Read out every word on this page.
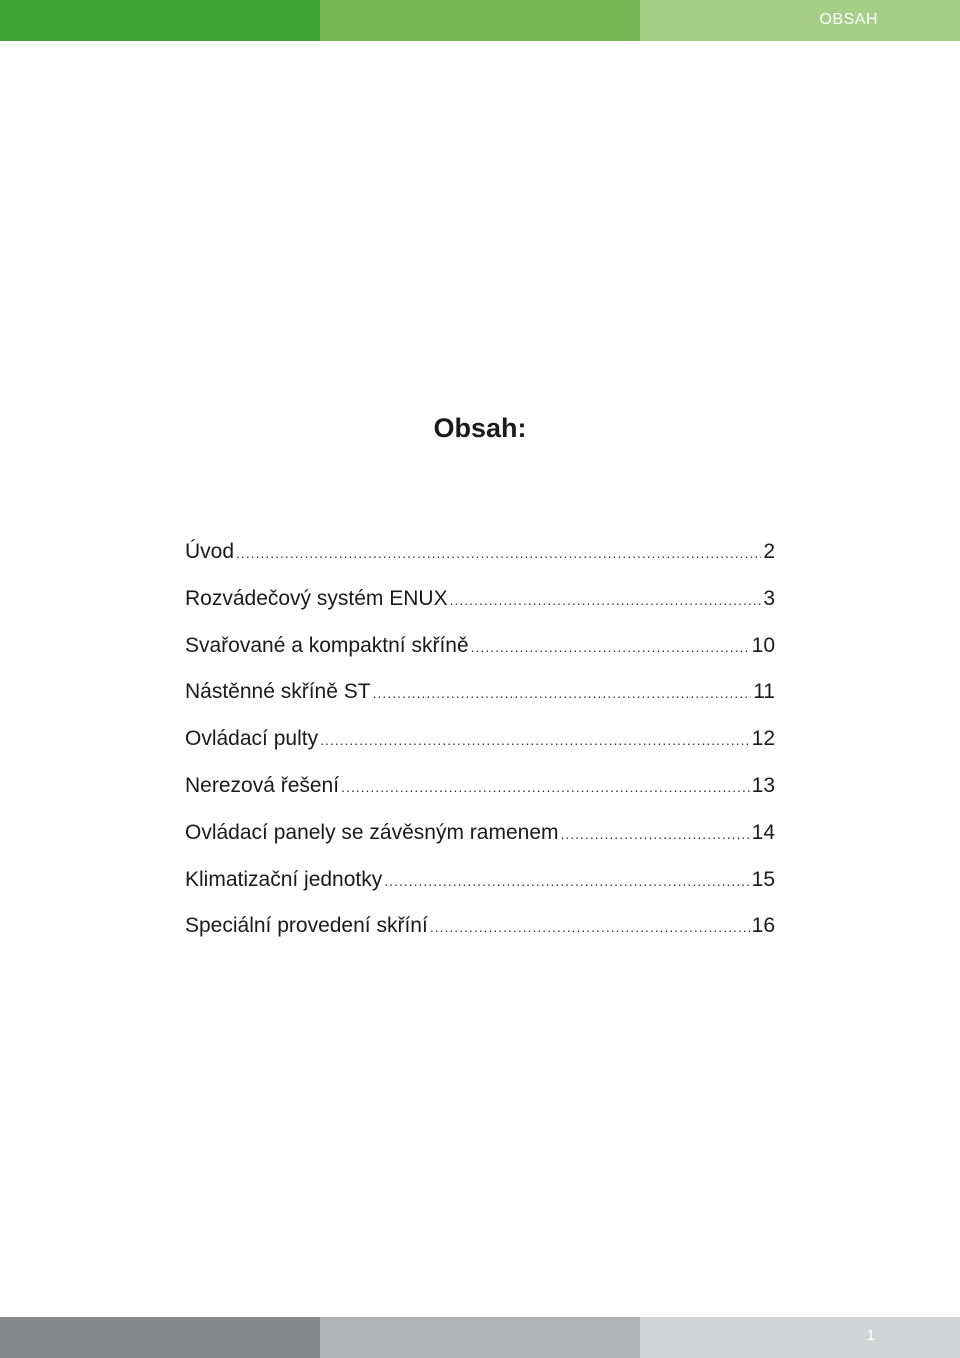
OBSAH
Obsah:
Úvod .....	2
Rozvádečový systém ENUX .....	3
Svařované a kompaktní skříně .....	10
Nástěnné skříně ST .....	11
Ovládací pulty .....	12
Nerezová řešení .....	13
Ovládací panely se závěsným ramenem .....	14
Klimatizační jednotky .....	15
Speciální provedení skříní .....	16
1
